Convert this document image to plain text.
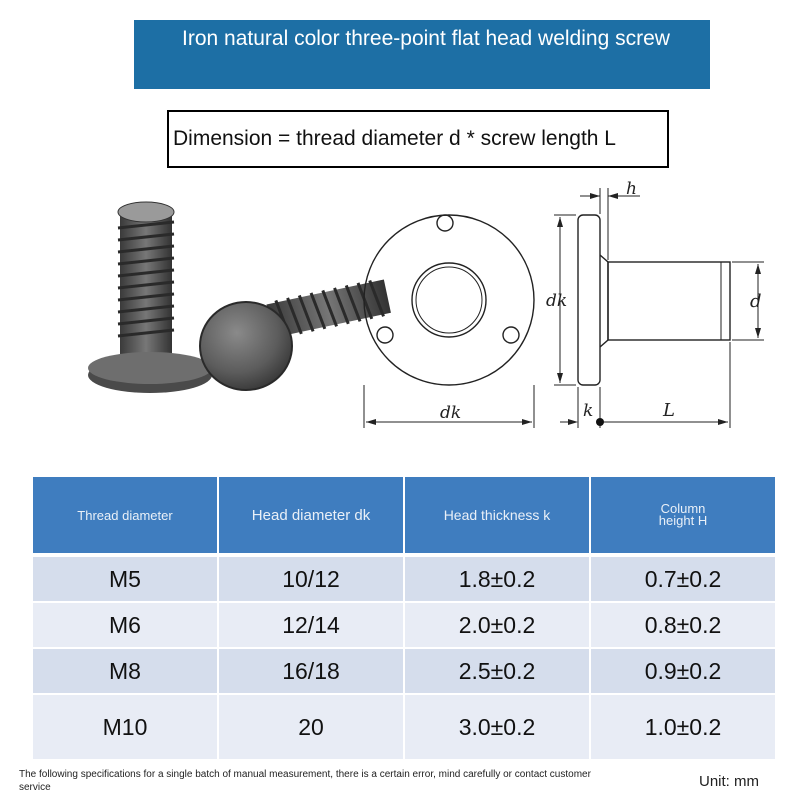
Iron natural color three-point flat head welding screw
Dimension = thread diameter d * screw length L
dk
h
dk	d
k	L
Thread diameter	Head diameter dk	Head thickness k	Column height H
M5	10/12	1.8±0.2	0.7±0.2
M6	12/14	2.0±0.2	0.8±0.2
M8	16/18	2.5±0.2	0.9±0.2
M10	20	3.0±0.2	1.0±0.2
The following specifications for a single batch of manual measurement, there is a certain error, mind carefully or contact customer service	Unit: mm
